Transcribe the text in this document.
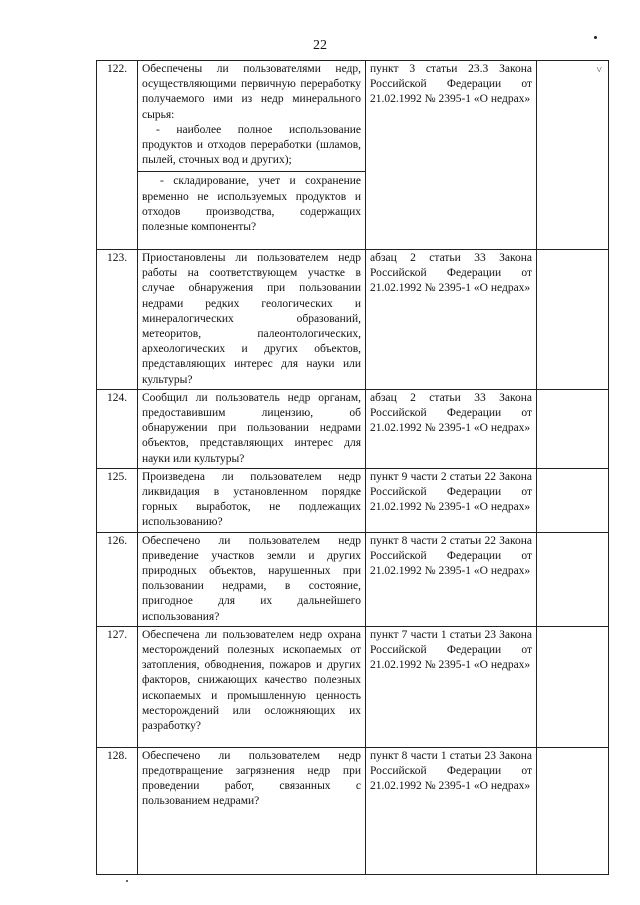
22
122.	Обеспечены ли пользователями недр, осуществляющими первичную переработку получаемого ими из недр минерального сырья:
- наиболее полное использование продуктов и отходов переработки (шламов, пылей, сточных вод и других);
- складирование, учет и сохранение временно не используемых продуктов и отходов производства, содержащих полезные компоненты?	пункт 3 статьи 23.3 Закона Российской Федерации от 21.02.1992 № 2395-1 «О недрах»	˅

123.	Приостановлены ли пользователем недр работы на соответствующем участке в случае обнаружения при пользовании недрами редких геологических и минералогических образований, метеоритов, палеонтологических, археологических и других объектов, представляющих интерес для науки или культуры?	абзац 2 статьи 33 Закона Российской Федерации от 21.02.1992 № 2395-1 «О недрах»	
124.	Сообщил ли пользователь недр органам, предоставившим лицензию, об обнаружении при пользовании недрами объектов, представляющих интерес для науки или культуры?	абзац 2 статьи 33 Закона Российской Федерации от 21.02.1992 № 2395-1 «О недрах»	
125.	Произведена ли пользователем недр ликвидация в установленном порядке горных выработок, не подлежащих использованию?	пункт 9 части 2 статьи 22 Закона Российской Федерации от 21.02.1992 № 2395-1 «О недрах»	
126.	Обеспечено ли пользователем недр приведение участков земли и других природных объектов, нарушенных при пользовании недрами, в состояние, пригодное для их дальнейшего использования?	пункт 8 части 2 статьи 22 Закона Российской Федерации от 21.02.1992 № 2395-1 «О недрах»	
127.	Обеспечена ли пользователем недр охрана месторождений полезных ископаемых от затопления, обводнения, пожаров и других факторов, снижающих качество полезных ископаемых и промышленную ценность месторождений или осложняющих их разработку?	пункт 7 части 1 статьи 23 Закона Российской Федерации от 21.02.1992 № 2395-1 «О недрах»	
128.	Обеспечено ли пользователем недр предотвращение загрязнения недр при проведении работ, связанных с пользованием недрами?	пункт 8 части 1 статьи 23 Закона Российской Федерации от 21.02.1992 № 2395-1 «О недрах»	
